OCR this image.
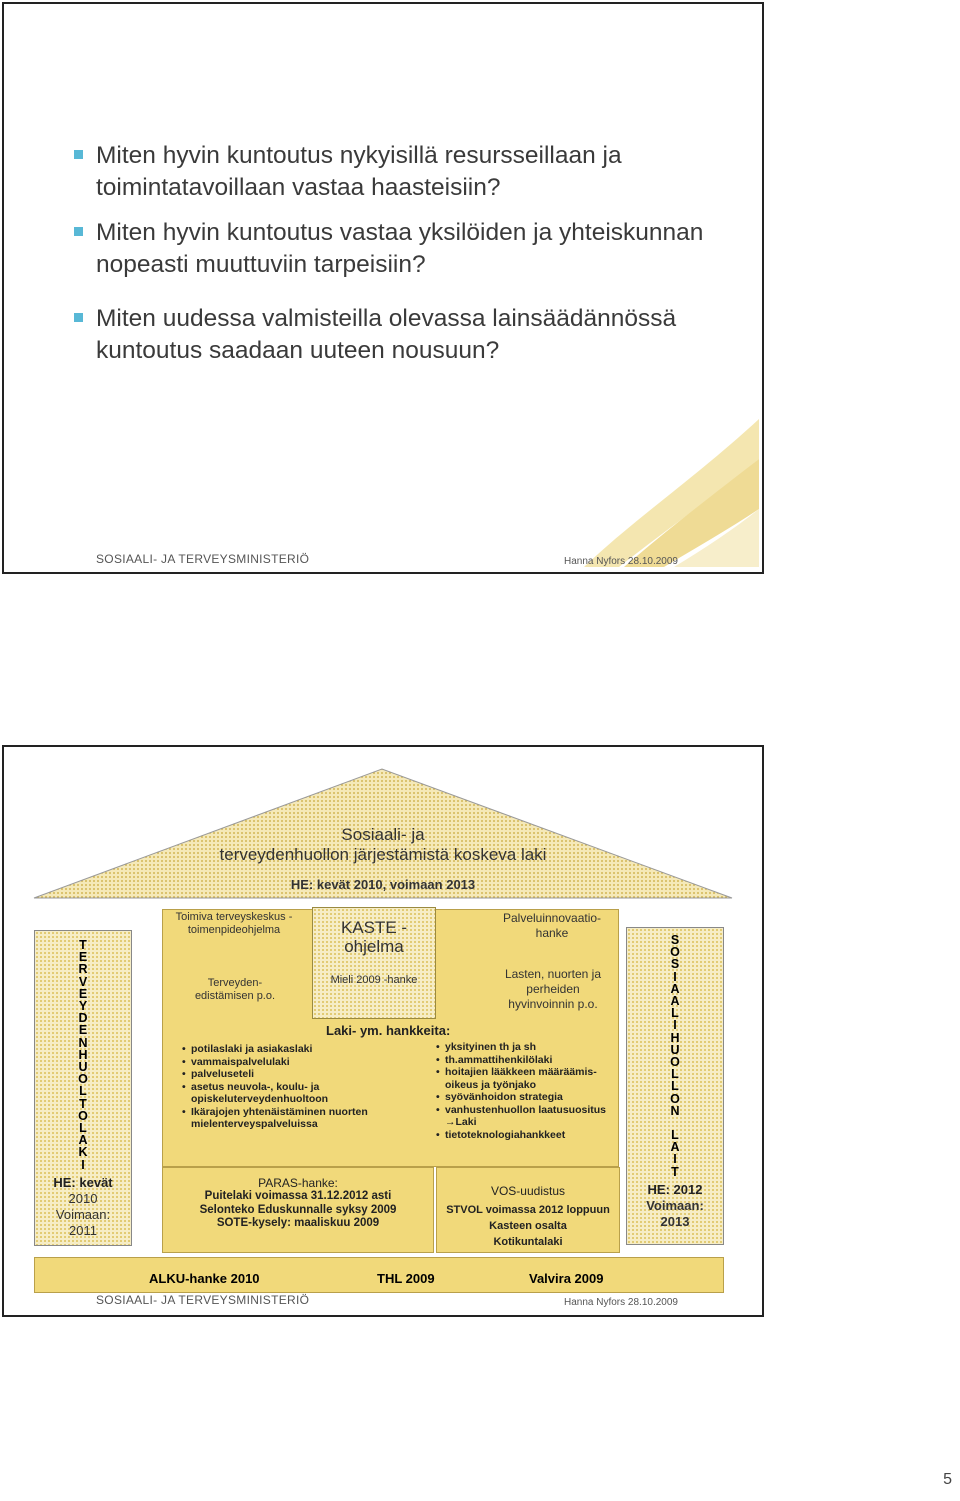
Miten hyvin kuntoutus nykyisillä resursseillaan ja toimintatavoillaan vastaa haasteisiin?
Miten hyvin kuntoutus vastaa yksilöiden ja yhteiskunnan nopeasti muuttuviin tarpeisiin?
Miten uudessa valmisteilla olevassa lainsäädännössä kuntoutus saadaan uuteen nousuun?
SOSIAALI- JA TERVEYSMINISTERIÖ	Hanna Nyfors 28.10.2009
Sosiaali- ja
terveydenhuollon järjestämistä koskeva laki
HE: kevät 2010, voimaan 2013
T
E
R
V
E
Y
D
E
N
H
U
O
L
T
O
L
A
K
I
HE: kevät
2010
Voimaan:
2011
S
O
S
I
A
A
L
I
H
U
O
L
L
O
N
L
A
I
T
HE: 2012
Voimaan:
2013
Toimiva terveyskeskus -toimenpideohjelma
Terveyden-edistämisen p.o.
KASTE -ohjelma
Mieli 2009 -hanke
Palveluinnovaatio-hanke
Lasten, nuorten ja perheiden hyvinvoinnin p.o.
Laki- ym. hankkeita:
• potilaslaki ja asiakaslaki
• vammaispalvelulaki
• palveluseteli
• asetus neuvola-, koulu- ja opiskeluterveydenhuoltoon
• Ikärajojen yhtenäistäminen nuorten mielenterveyspalveluissa
• yksityinen th ja sh
• th.ammattihenkilölaki
• hoitajien lääkkeen määräämis-oikeus ja työnjako
• syövänhoidon strategia
• vanhustenhuollon laatusuositus →Laki
• tietoteknologiahankkeet
PARAS-hanke:
Puitelaki voimassa 31.12.2012 asti
Selonteko Eduskunnalle syksy 2009
SOTE-kysely: maaliskuu 2009
VOS-uudistus
STVOL voimassa 2012 loppuun
Kasteen osalta
Kotikuntalaki
ALKU-hanke 2010	THL 2009	Valvira 2009
SOSIAALI- JA TERVEYSMINISTERIÖ	Hanna Nyfors 28.10.2009
5
